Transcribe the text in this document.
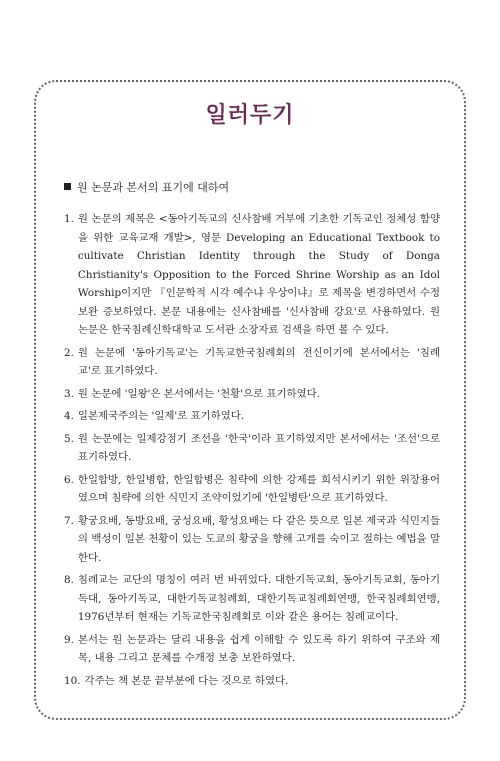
일러두기
원 논문과 본서의 표기에 대하여
1. 원 논문의 제목은 <동아기독교의 신사참배 거부에 기초한 기독교인 정체성 함양을 위한 교육교재 개발>, 영문 Developing an Educational Textbook to cultivate Christian Identity through the Study of Donga Christianity's Opposition to the Forced Shrine Worship as an Idol Worship이지만 『인문학적 시각 예수냐 우상이냐』로 제목을 변경하면서 수정 보완 증보하였다. 본문 내용에는 신사참배를 '신사참배 강요'로 사용하였다. 원 논문은 한국침례신학대학교 도서관 소장자료 검색을 하면 볼 수 있다.
2. 원 논문에 '동아기독교'는 기독교한국침례회의 전신이기에 본서에서는 '침례교'로 표기하였다.
3. 원 논문에 '일왕'은 본서에서는 '천황'으로 표기하였다.
4. 일본제국주의는 '일제'로 표기하였다.
5. 원 논문에는 일제강점기 조선을 '한국'이라 표기하였지만 본서에서는 '조선'으로 표기하였다.
6. 한일합방, 한일병합, 한일합병은 침략에 의한 강제를 희석시키기 위한 위장용어였으며 침략에 의한 식민지 조약이었기에 '한일병탄'으로 표기하였다.
7. 황궁요배, 동방요배, 궁성요배, 황성요배는 다 같은 뜻으로 일본 제국과 식민지들의 백성이 일본 천황이 있는 도쿄의 황궁을 향해 고개를 숙이고 절하는 예법을 말한다.
8. 침례교는 교단의 명칭이 여러 번 바뀌었다. 대한기독교회, 동아기독교회, 동아기독대, 동아기독교, 대한기독교침례회, 대한기독교침례회연맹, 한국침례회연맹, 1976년부터 현재는 기독교한국침례회로 이와 같은 용어는 침례교이다.
9. 본서는 원 논문과는 달리 내용을 쉽게 이해할 수 있도록 하기 위하여 구조와 제목, 내용 그리고 문체를 수개정 보충 보완하였다.
10. 각주는 책 본문 끝부분에 다는 것으로 하였다.
